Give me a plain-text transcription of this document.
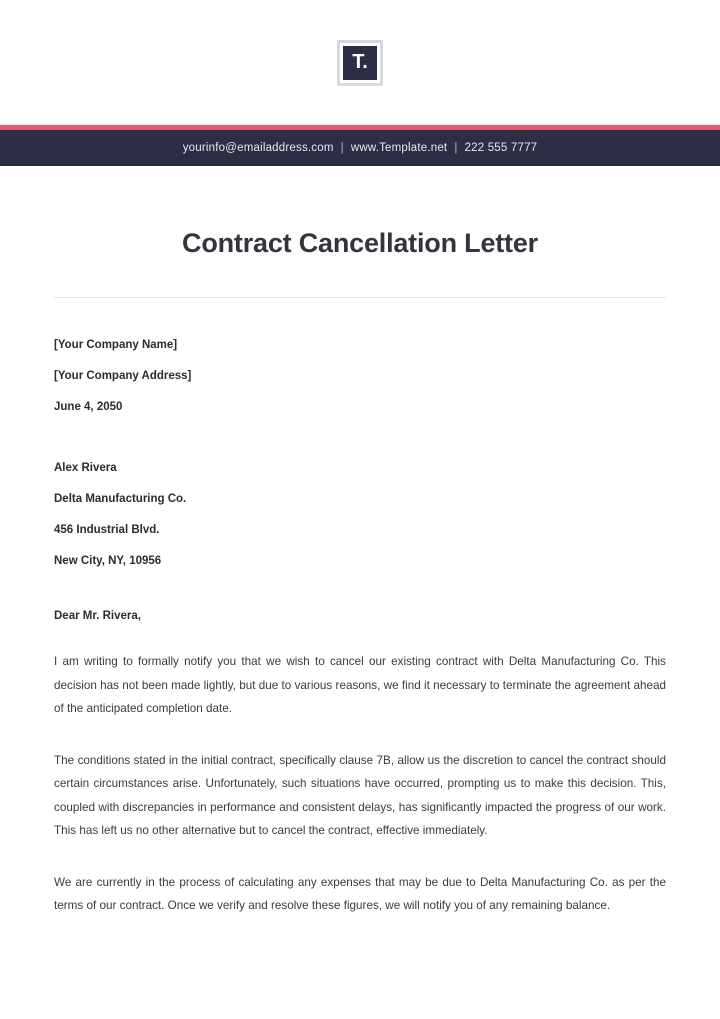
T.
yourinfo@emailaddress.com | www.Template.net | 222 555 7777
Contract Cancellation Letter
[Your Company Name]
[Your Company Address]
June 4, 2050
Alex Rivera
Delta Manufacturing Co.
456 Industrial Blvd.
New City, NY, 10956
Dear Mr. Rivera,
I am writing to formally notify you that we wish to cancel our existing contract with Delta Manufacturing Co. This decision has not been made lightly, but due to various reasons, we find it necessary to terminate the agreement ahead of the anticipated completion date.
The conditions stated in the initial contract, specifically clause 7B, allow us the discretion to cancel the contract should certain circumstances arise. Unfortunately, such situations have occurred, prompting us to make this decision. This, coupled with discrepancies in performance and consistent delays, has significantly impacted the progress of our work. This has left us no other alternative but to cancel the contract, effective immediately.
We are currently in the process of calculating any expenses that may be due to Delta Manufacturing Co. as per the terms of our contract. Once we verify and resolve these figures, we will notify you of any remaining balance.
